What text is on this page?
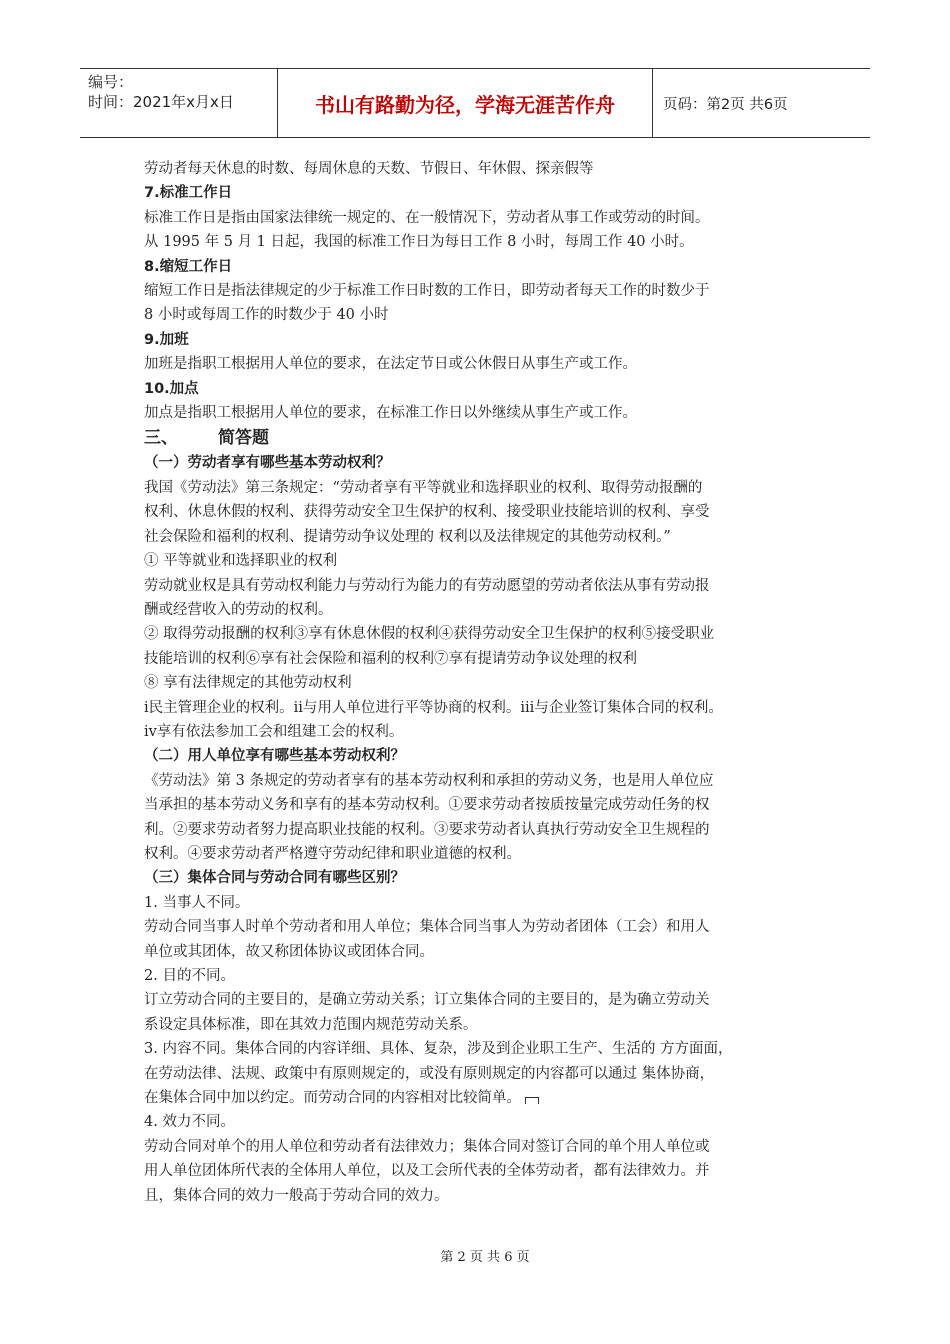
编号：
时间：2021年x月x日	书山有路勤为径，学海无涯苦作舟	页码：第2页 共6页

劳动者每天休息的时数、每周休息的天数、节假日、年休假、探亲假等

7.标准工作日

标准工作日是指由国家法律统一规定的、在一般情况下，劳动者从事工作或劳动的时间。

从 1995 年 5 月 1 日起，我国的标准工作日为每日工作 8 小时，每周工作 40 小时。

8.缩短工作日

缩短工作日是指法律规定的少于标准工作日时数的工作日，即劳动者每天工作的时数少于

8 小时或每周工作的时数少于 40 小时

9.加班

加班是指职工根据用人单位的要求，在法定节日或公休假日从事生产或工作。

10.加点

加点是指职工根据用人单位的要求，在标准工作日以外继续从事生产或工作。

三、 简答题

（一）劳动者享有哪些基本劳动权利？

我国《劳动法》第三条规定：“劳动者享有平等就业和选择职业的权利、取得劳动报酬的

权利、休息休假的权利、获得劳动安全卫生保护的权利、接受职业技能培训的权利、享受

社会保险和福利的权利、提请劳动争议处理的 权利以及法律规定的其他劳动权利。”

① 平等就业和选择职业的权利

劳动就业权是具有劳动权利能力与劳动行为能力的有劳动愿望的劳动者依法从事有劳动报

酬或经营收入的劳动的权利。

② 取得劳动报酬的权利③享有休息休假的权利④获得劳动安全卫生保护的权利⑤接受职业

技能培训的权利⑥享有社会保险和福利的权利⑦享有提请劳动争议处理的权利

⑧ 享有法律规定的其他劳动权利

ⅰ民主管理企业的权利。ⅱ与用人单位进行平等协商的权利。ⅲ与企业签订集体合同的权利。

ⅳ享有依法参加工会和组建工会的权利。

（二）用人单位享有哪些基本劳动权利？

《劳动法》第 3 条规定的劳动者享有的基本劳动权利和承担的劳动义务，也是用人单位应

当承担的基本劳动义务和享有的基本劳动权利。①要求劳动者按质按量完成劳动任务的权

利。②要求劳动者努力提高职业技能的权利。③要求劳动者认真执行劳动安全卫生规程的

权利。④要求劳动者严格遵守劳动纪律和职业道德的权利。

（三）集体合同与劳动合同有哪些区别？

1. 当事人不同。

劳动合同当事人时单个劳动者和用人单位；集体合同当事人为劳动者团体（工会）和用人

单位或其团体，故又称团体协议或团体合同。

2. 目的不同。

订立劳动合同的主要目的，是确立劳动关系；订立集体合同的主要目的，是为确立劳动关

系设定具体标准，即在其效力范围内规范劳动关系。

3. 内容不同。集体合同的内容详细、具体、复杂，涉及到企业职工生产、生活的 方方面面，

在劳动法律、法规、政策中有原则规定的，或没有原则规定的内容都可以通过 集体协商，

在集体合同中加以约定。而劳动合同的内容相对比较简单。

4. 效力不同。

劳动合同对单个的用人单位和劳动者有法律效力；集体合同对签订合同的单个用人单位或

用人单位团体所代表的全体用人单位，以及工会所代表的全体劳动者，都有法律效力。并

且，集体合同的效力一般高于劳动合同的效力。

第 2 页 共 6 页
